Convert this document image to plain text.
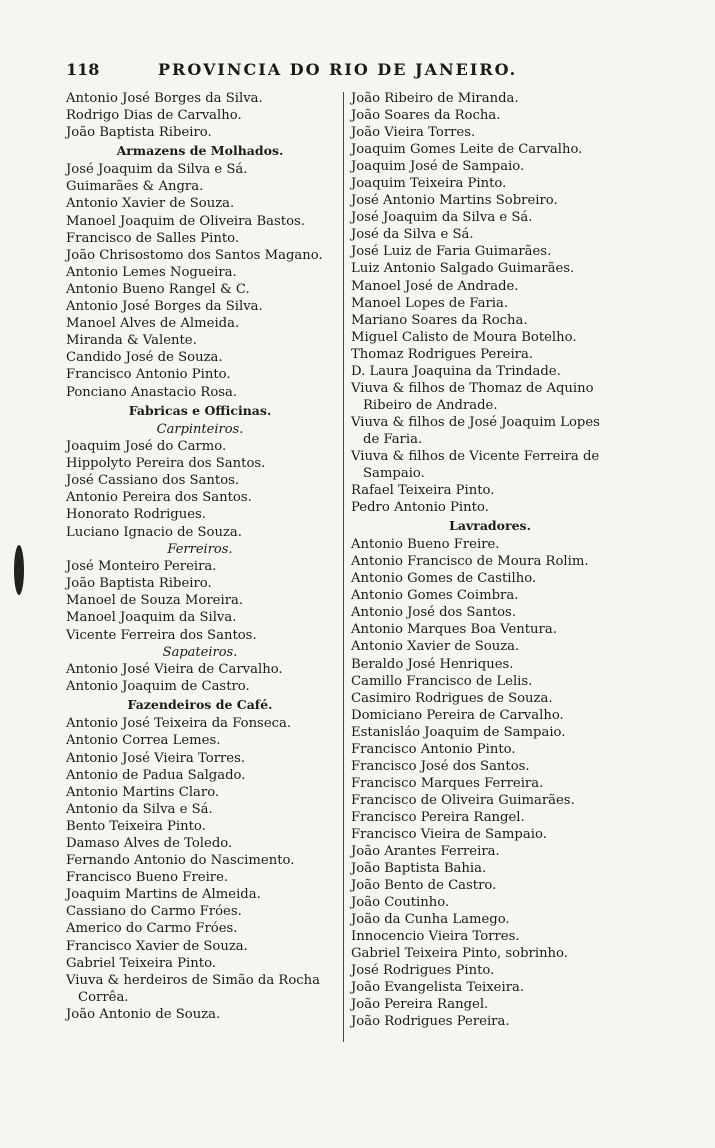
118	PROVINCIA DO RIO DE JANEIRO.
Antonio José Borges da Silva.
Rodrigo Dias de Carvalho.
João Baptista Ribeiro.
Armazens de Molhados.
José Joaquim da Silva e Sá.
Guimarães & Angra.
Antonio Xavier de Souza.
Manoel Joaquim de Oliveira Bastos.
Francisco de Salles Pinto.
João Chrisostomo dos Santos Magano.
Antonio Lemes Nogueira.
Antonio Bueno Rangel & C.
Antonio José Borges da Silva.
Manoel Alves de Almeida.
Miranda & Valente.
Candido José de Souza.
Francisco Antonio Pinto.
Ponciano Anastacio Rosa.
Fabricas e Officinas.
Carpinteiros.
Joaquim José do Carmo.
Hippolyto Pereira dos Santos.
José Cassiano dos Santos.
Antonio Pereira dos Santos.
Honorato Rodrigues.
Luciano Ignacio de Souza.
Ferreiros.
José Monteiro Pereira.
João Baptista Ribeiro.
Manoel de Souza Moreira.
Manoel Joaquim da Silva.
Vicente Ferreira dos Santos.
Sapateiros.
Antonio José Vieira de Carvalho.
Antonio Joaquim de Castro.
Fazendeiros de Café.
Antonio José Teixeira da Fonseca.
Antonio Correa Lemes.
Antonio José Vieira Torres.
Antonio de Padua Salgado.
Antonio Martins Claro.
Antonio da Silva e Sá.
Bento Teixeira Pinto.
Damaso Alves de Toledo.
Fernando Antonio do Nascimento.
Francisco Bueno Freire.
Joaquim Martins de Almeida.
Cassiano do Carmo Fróes.
Americo do Carmo Fróes.
Francisco Xavier de Souza.
Gabriel Teixeira Pinto.
Viuva & herdeiros de Simão da Rocha
Corrêa.
João Antonio de Souza.
João Ribeiro de Miranda.
João Soares da Rocha.
João Vieira Torres.
Joaquim Gomes Leite de Carvalho.
Joaquim José de Sampaio.
Joaquim Teixeira Pinto.
José Antonio Martins Sobreiro.
José Joaquim da Silva e Sá.
José da Silva e Sá.
José Luiz de Faria Guimarães.
Luiz Antonio Salgado Guimarães.
Manoel José de Andrade.
Manoel Lopes de Faria.
Mariano Soares da Rocha.
Miguel Calisto de Moura Botelho.
Thomaz Rodrigues Pereira.
D. Laura Joaquina da Trindade.
Viuva & filhos de Thomaz de Aquino
Ribeiro de Andrade.
Viuva & filhos de José Joaquim Lopes
de Faria.
Viuva & filhos de Vicente Ferreira de
Sampaio.
Rafael Teixeira Pinto.
Pedro Antonio Pinto.
Lavradores.
Antonio Bueno Freire.
Antonio Francisco de Moura Rolim.
Antonio Gomes de Castilho.
Antonio Gomes Coimbra.
Antonio José dos Santos.
Antonio Marques Boa Ventura.
Antonio Xavier de Souza.
Beraldo José Henriques.
Camillo Francisco de Lelis.
Casimiro Rodrigues de Souza.
Domiciano Pereira de Carvalho.
Estanisláo Joaquim de Sampaio.
Francisco Antonio Pinto.
Francisco José dos Santos.
Francisco Marques Ferreira.
Francisco de Oliveira Guimarães.
Francisco Pereira Rangel.
Francisco Vieira de Sampaio.
João Arantes Ferreira.
João Baptista Bahia.
João Bento de Castro.
João Coutinho.
João da Cunha Lamego.
Innocencio Vieira Torres.
Gabriel Teixeira Pinto, sobrinho.
José Rodrigues Pinto.
João Evangelista Teixeira.
João Pereira Rangel.
João Rodrigues Pereira.
